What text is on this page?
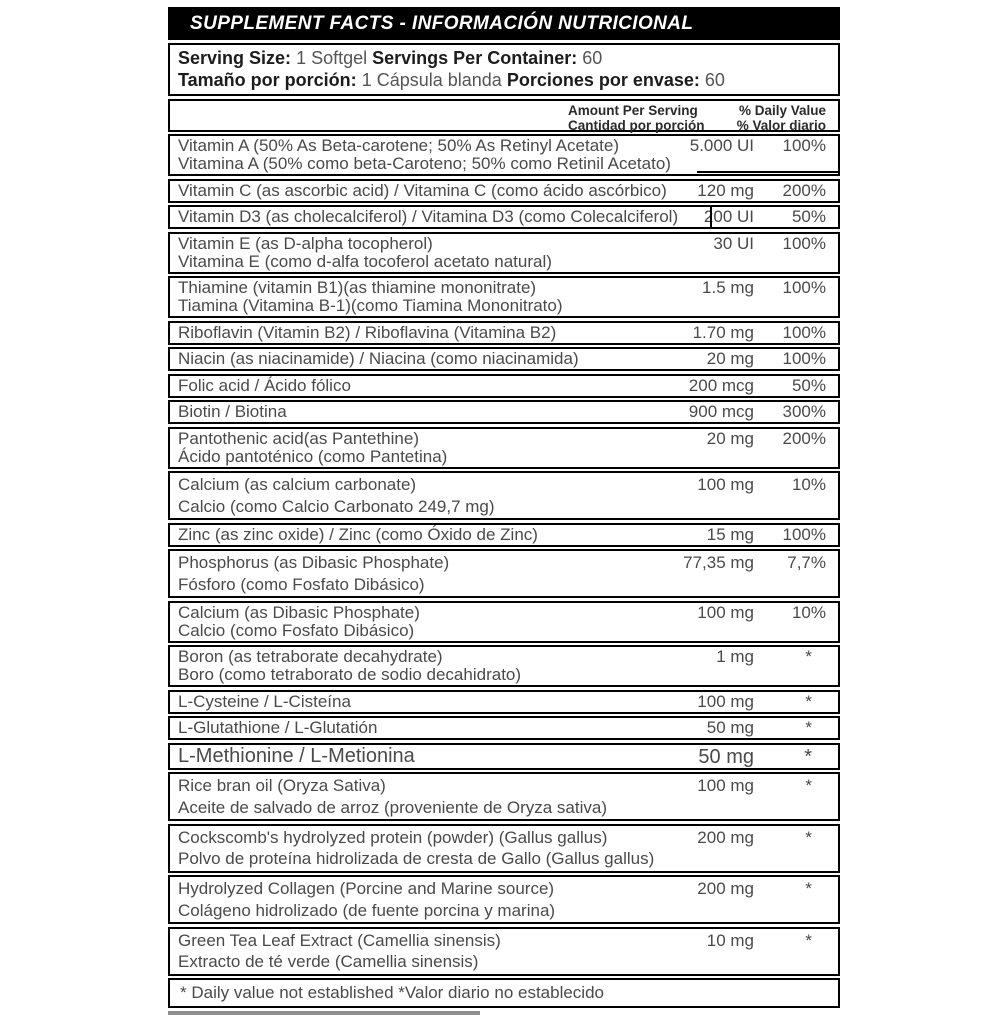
SUPPLEMENT FACTS - INFORMACIÓN NUTRICIONAL
Serving Size: 1 Softgel Servings Per Container: 60
Tamaño por porción: 1 Cápsula blanda Porciones por envase: 60
Amount Per Serving
Cantidad por porción
% Daily Value
% Valor diario
Vitamin A (50% As Beta-carotene; 50% As Retinyl Acetate)
Vitamina A (50% como beta-Caroteno; 50% como Retinil Acetato)
5.000 UI 100%
Vitamin C (as ascorbic acid) / Vitamina C (como ácido ascórbico)	120 mg 200%
Vitamin D3 (as cholecalciferol) / Vitamina D3 (como Colecalciferol)	200 UI 50%
Vitamin E (as D-alpha tocopherol)
Vitamina E (como d-alfa tocoferol acetato natural)
30 UI 100%
Thiamine (vitamin B1)(as thiamine mononitrate)
Tiamina (Vitamina B-1)(como Tiamina Mononitrato)
1.5 mg 100%
Riboflavin (Vitamin B2) / Riboflavina (Vitamina B2)	1.70 mg 100%
Niacin (as niacinamide) / Niacina (como niacinamida)	20 mg 100%
Folic acid / Ácido fólico	200 mcg 50%
Biotin / Biotina	900 mcg 300%
Pantothenic acid(as Pantethine)
Ácido pantoténico (como Pantetina)
20 mg 200%
Calcium (as calcium carbonate)
Calcio (como Calcio Carbonato 249,7 mg)
100 mg 10%
Zinc (as zinc oxide) / Zinc (como Óxido de Zinc)	15 mg 100%
Phosphorus (as Dibasic Phosphate)
Fósforo (como Fosfato Dibásico)
77,35 mg 7,7%
Calcium (as Dibasic Phosphate)
Calcio (como Fosfato Dibásico)
100 mg 10%
Boron (as tetraborate decahydrate)
Boro (como tetraborato de sodio decahidrato)
1 mg	*
L-Cysteine / L-Cisteína	100 mg	*
L-Glutathione / L-Glutatión	50 mg	*
L-Methionine / L-Metionina	50 mg	*
Rice bran oil (Oryza Sativa)
Aceite de salvado de arroz (proveniente de Oryza sativa)
100 mg	*
Cockscomb's hydrolyzed protein (powder) (Gallus gallus)
Polvo de proteína hidrolizada de cresta de Gallo (Gallus gallus)
200 mg	*
Hydrolyzed Collagen (Porcine and Marine source)
Colágeno hidrolizado (de fuente porcina y marina)
200 mg	*
Green Tea Leaf Extract (Camellia sinensis)
Extracto de té verde (Camellia sinensis)
10 mg	*
* Daily value not established *Valor diario no establecido
